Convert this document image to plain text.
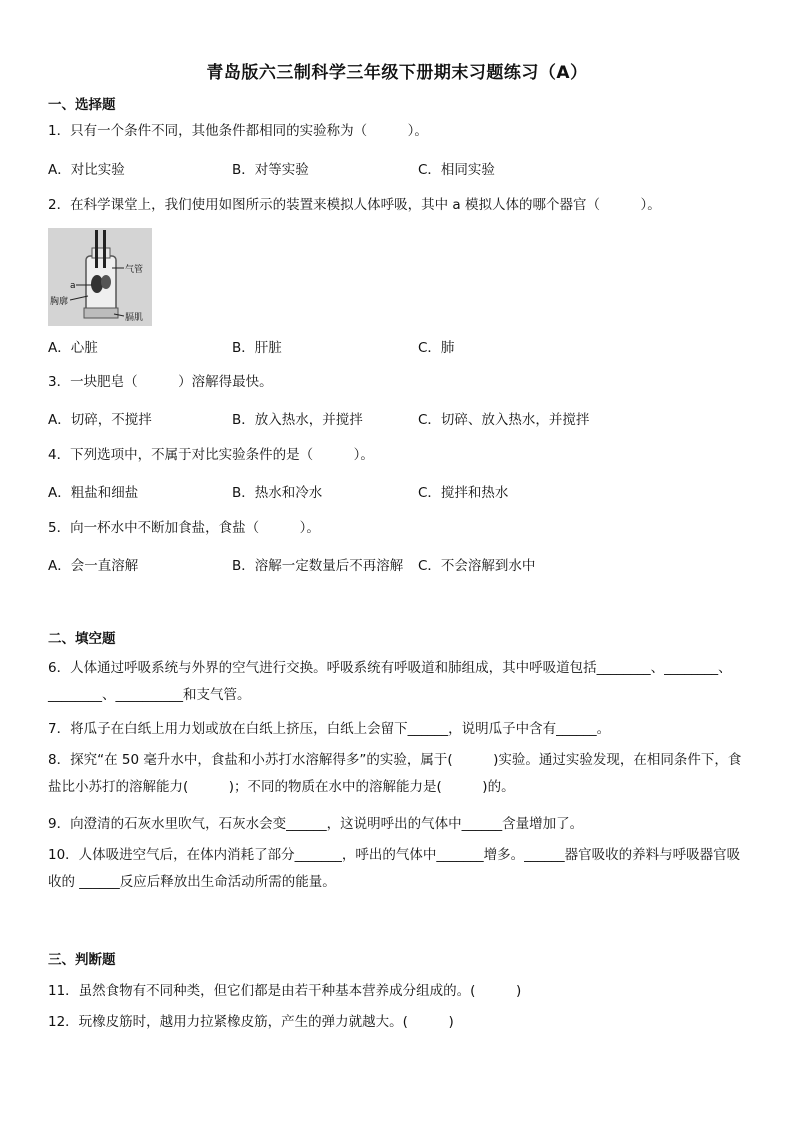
青岛版六三制科学三年级下册期末习题练习（A）
一、选择题
1．只有一个条件不同，其他条件都相同的实验称为（　　　）。
A．对比实验	B．对等实验	C．相同实验
2．在科学课堂上，我们使用如图所示的装置来模拟人体呼吸，其中 a 模拟人体的哪个器官（　　　）。
气管
a
胸廓
膈肌
A．心脏	B．肝脏	C．肺
3．一块肥皂（　　　）溶解得最快。
A．切碎，不搅拌	B．放入热水，并搅拌	C．切碎、放入热水，并搅拌
4．下列选项中，不属于对比实验条件的是（　　　）。
A．粗盐和细盐	B．热水和冷水	C．搅拌和热水
5．向一杯水中不断加食盐，食盐（　　　）。
A．会一直溶解	B．溶解一定数量后不再溶解 C．不会溶解到水中
二、填空题
6．人体通过呼吸系统与外界的空气进行交换。呼吸系统有呼吸道和肺组成，其中呼吸道包括________、________、________、__________和支气管。
7．将瓜子在白纸上用力划或放在白纸上挤压，白纸上会留下______，说明瓜子中含有______。
8．探究“在 50 毫升水中，食盐和小苏打水溶解得多”的实验，属于(　　　)实验。通过实验发现，在相同条件下，食盐比小苏打的溶解能力(　　　)；不同的物质在水中的溶解能力是(　　　)的。
9．向澄清的石灰水里吹气，石灰水会变______，这说明呼出的气体中______含量增加了。
10．人体吸进空气后，在体内消耗了部分_______，呼出的气体中_______增多。______器官吸收的养料与呼吸器官吸收的 ______反应后释放出生命活动所需的能量。
三、判断题
11．虽然食物有不同种类，但它们都是由若干种基本营养成分组成的。(　　　)
12．玩橡皮筋时，越用力拉紧橡皮筋，产生的弹力就越大。(　　　)
